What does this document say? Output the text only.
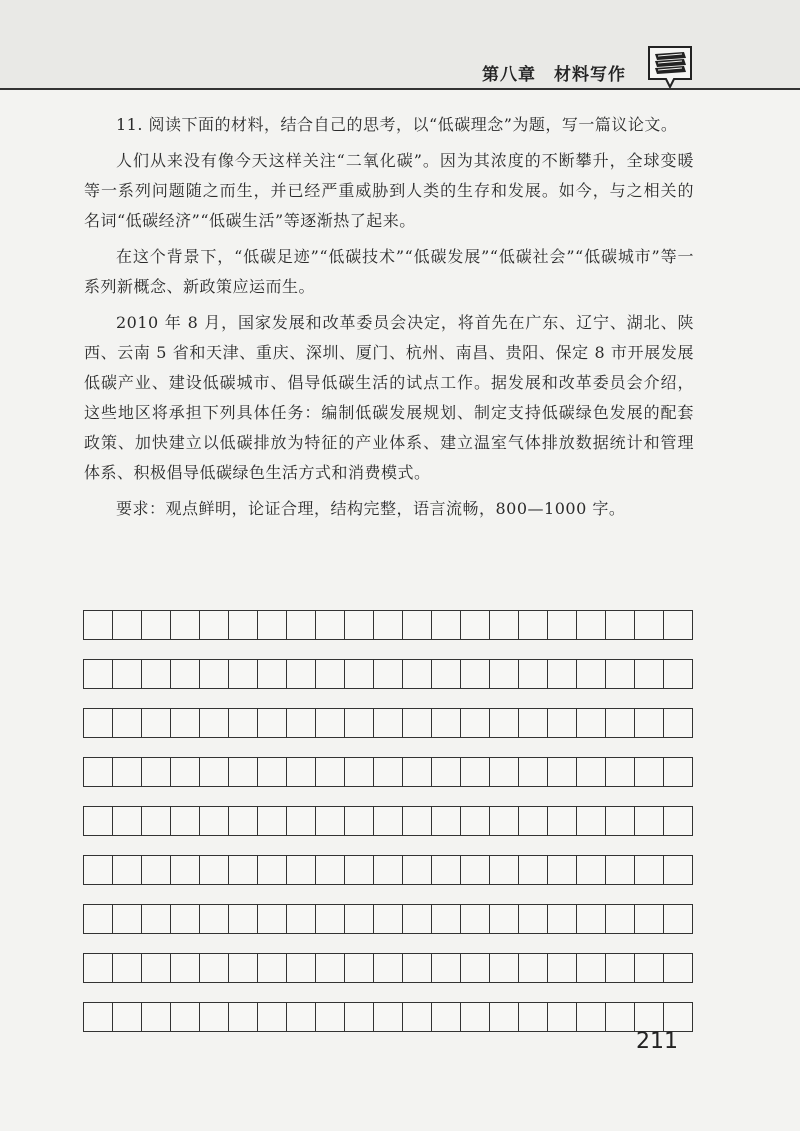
第八章　材料写作

11. 阅读下面的材料，结合自己的思考，以“低碳理念”为题，写一篇议论文。

人们从来没有像今天这样关注“二氧化碳”。因为其浓度的不断攀升，全球变暖等一系列问题随之而生，并已经严重威胁到人类的生存和发展。如今，与之相关的名词“低碳经济”“低碳生活”等逐渐热了起来。

在这个背景下，“低碳足迹”“低碳技术”“低碳发展”“低碳社会”“低碳城市”等一系列新概念、新政策应运而生。

2010 年 8 月，国家发展和改革委员会决定，将首先在广东、辽宁、湖北、陕西、云南 5 省和天津、重庆、深圳、厦门、杭州、南昌、贵阳、保定 8 市开展发展低碳产业、建设低碳城市、倡导低碳生活的试点工作。据发展和改革委员会介绍，这些地区将承担下列具体任务：编制低碳发展规划、制定支持低碳绿色发展的配套政策、加快建立以低碳排放为特征的产业体系、建立温室气体排放数据统计和管理体系、积极倡导低碳绿色生活方式和消费模式。

要求：观点鲜明，论证合理，结构完整，语言流畅，800—1000 字。

211
